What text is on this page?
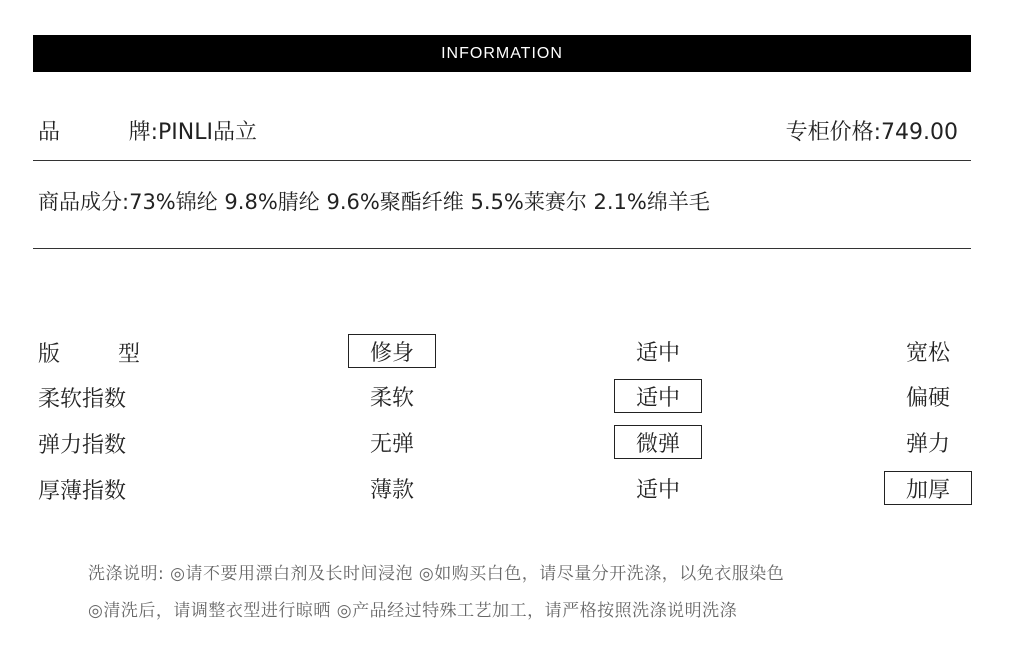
INFORMATION
品	牌: PINLI品立	专柜价格:749.00
商品成分: 73%锦纶 9.8%腈纶 9.6%聚酯纤维 5.5%莱赛尔 2.1%绵羊毛
版	型	修身	适中	宽松
柔软指数	柔软	适中	偏硬
弹力指数	无弹	微弹	弹力
厚薄指数	薄款	适中	加厚
洗涤说明: ◎请不要用漂白剂及长时间浸泡 ◎如购买白色，请尽量分开洗涤，以免衣服染色
◎清洗后，请调整衣型进行晾晒 ◎产品经过特殊工艺加工，请严格按照洗涤说明洗涤
